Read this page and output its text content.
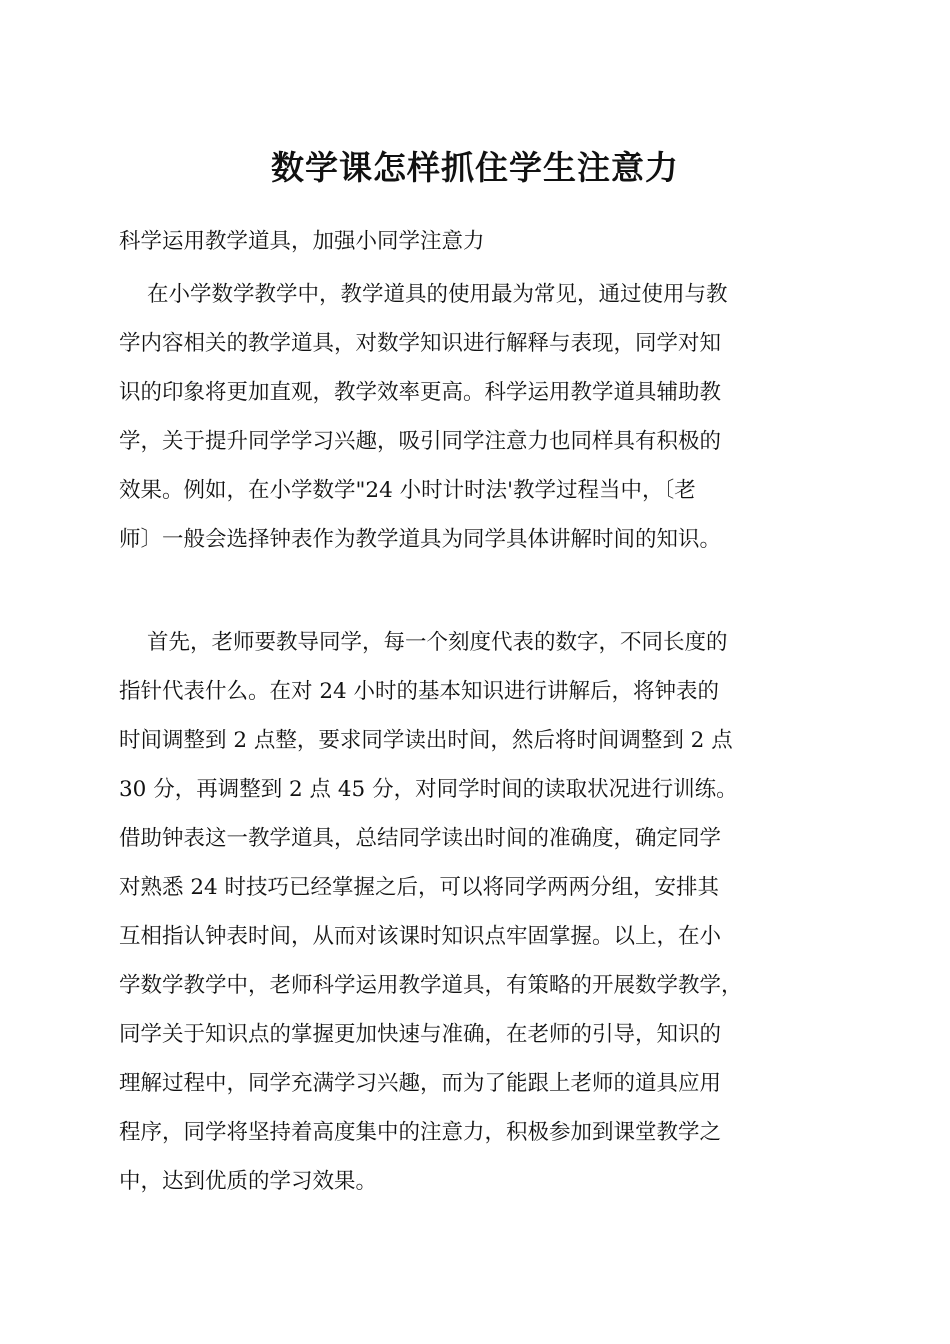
数学课怎样抓住学生注意力
科学运用教学道具，加强小同学注意力
在小学数学教学中，教学道具的使用最为常见，通过使用与教
学内容相关的教学道具，对数学知识进行解释与表现，同学对知
识的印象将更加直观，教学效率更高。科学运用教学道具辅助教
学，关于提升同学学习兴趣，吸引同学注意力也同样具有积极的
效果。例如，在小学数学"24 小时计时法'教学过程当中，〔老
师〕一般会选择钟表作为教学道具为同学具体讲解时间的知识。
首先，老师要教导同学，每一个刻度代表的数字，不同长度的
指针代表什么。在对 24 小时的基本知识进行讲解后，将钟表的
时间调整到 2 点整，要求同学读出时间，然后将时间调整到 2 点
30 分，再调整到 2 点 45 分，对同学时间的读取状况进行训练。
借助钟表这一教学道具，总结同学读出时间的准确度，确定同学
对熟悉 24 时技巧已经掌握之后，可以将同学两两分组，安排其
互相指认钟表时间，从而对该课时知识点牢固掌握。以上，在小
学数学教学中，老师科学运用教学道具，有策略的开展数学教学，
同学关于知识点的掌握更加快速与准确，在老师的引导，知识的
理解过程中，同学充满学习兴趣，而为了能跟上老师的道具应用
程序，同学将坚持着高度集中的注意力，积极参加到课堂教学之
中，达到优质的学习效果。
